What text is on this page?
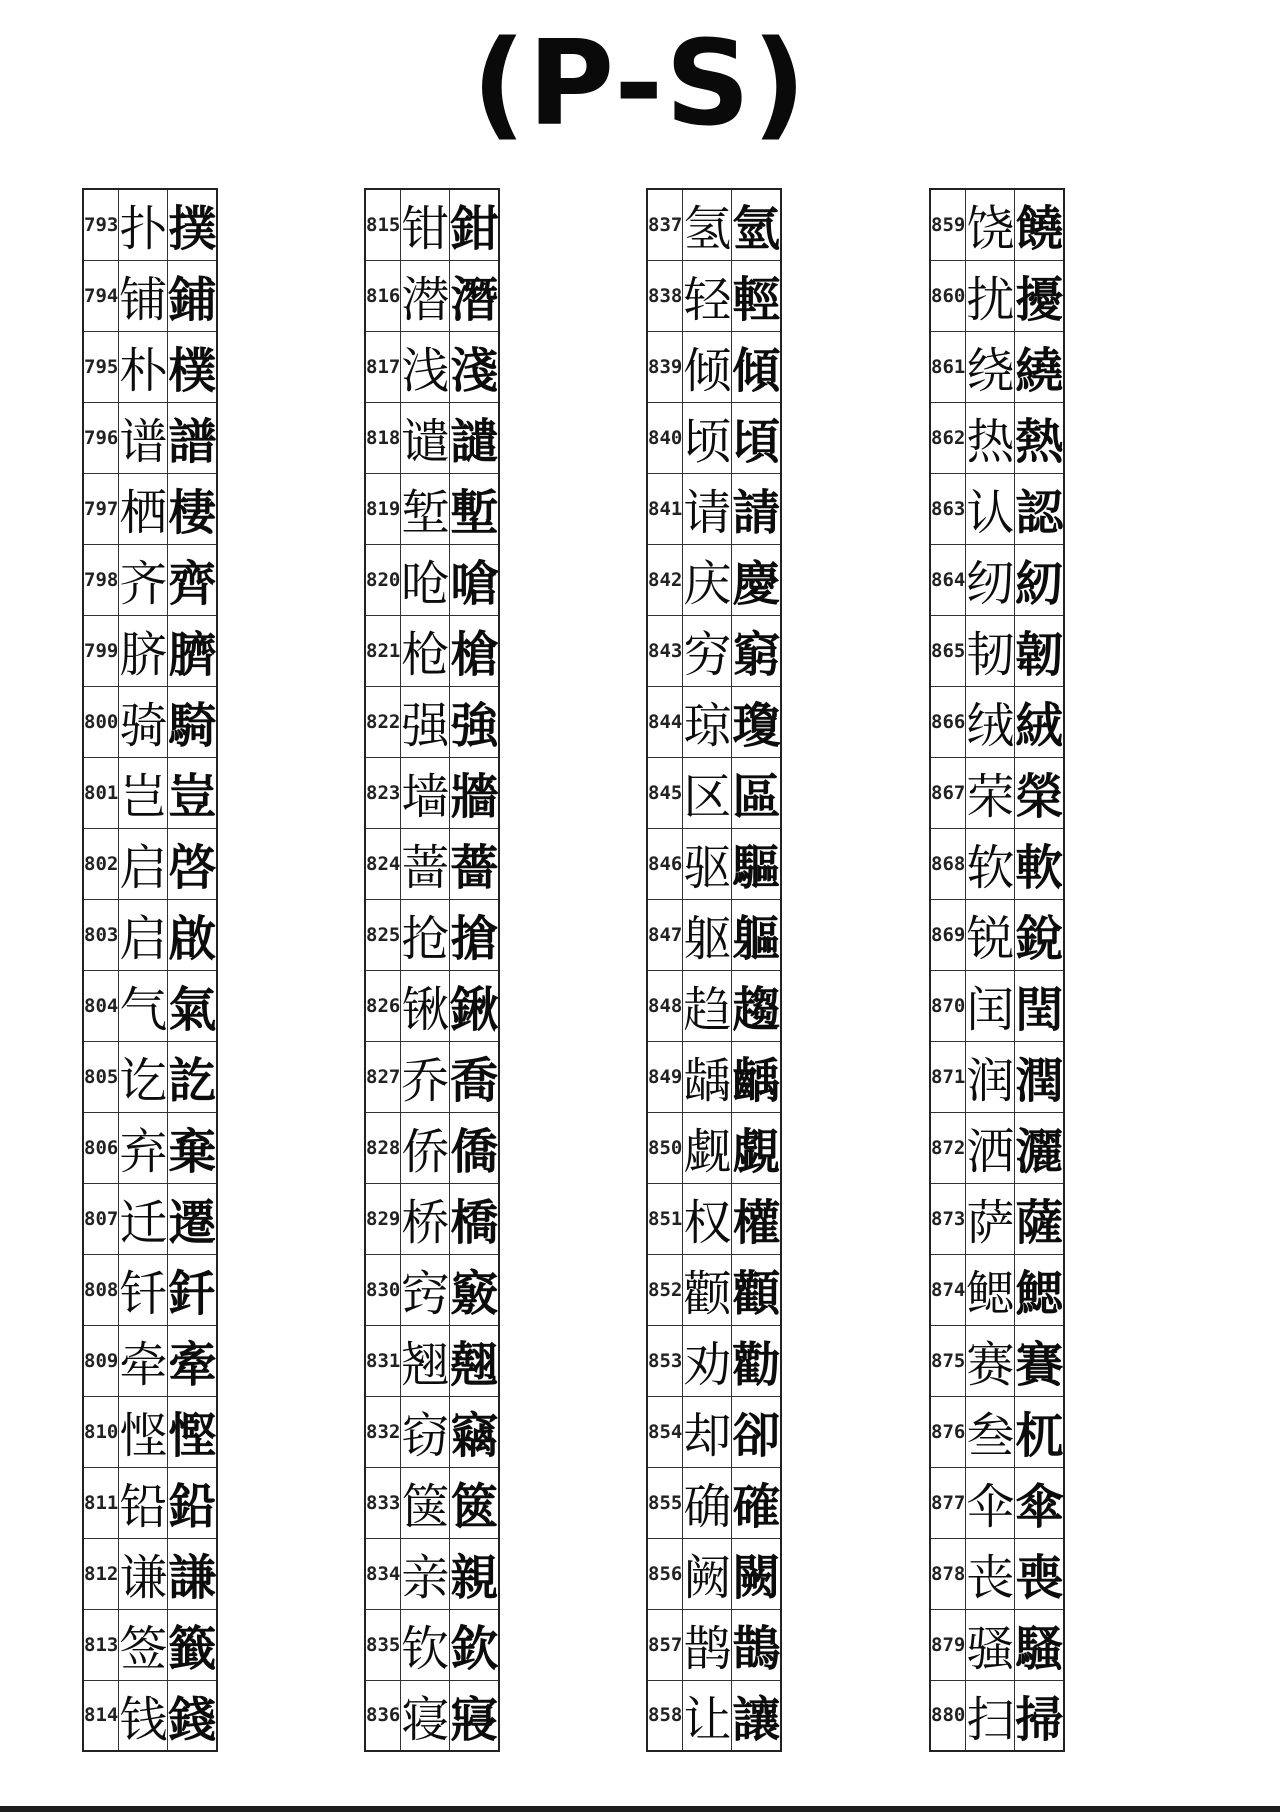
(P-S)
793	扑	撲
794	铺	鋪
795	朴	樸
796	谱	譜
797	栖	棲
798	齐	齊
799	脐	臍
800	骑	騎
801	岂	豈
802	启	啓
803	启	啟
804	气	氣
805	讫	訖
806	弃	棄
807	迁	遷
808	钎	釺
809	牵	牽
810	悭	慳
811	铅	鉛
812	谦	謙
813	签	籤
814	钱	錢
815	钳	鉗
816	潜	潛
817	浅	淺
818	谴	譴
819	堑	塹
820	呛	嗆
821	枪	槍
822	强	強
823	墙	牆
824	蔷	薔
825	抢	搶
826	锹	鍬
827	乔	喬
828	侨	僑
829	桥	橋
830	窍	竅
831	翘	翹
832	窃	竊
833	箧	篋
834	亲	親
835	钦	欽
836	寝	寢
837	氢	氫
838	轻	輕
839	倾	傾
840	顷	頃
841	请	請
842	庆	慶
843	穷	窮
844	琼	瓊
845	区	區
846	驱	驅
847	躯	軀
848	趋	趨
849	龋	齲
850	觑	覷
851	权	權
852	颧	顴
853	劝	勸
854	却	卻
855	确	確
856	阙	闕
857	鹊	鵲
858	让	讓
859	饶	饒
860	扰	擾
861	绕	繞
862	热	熱
863	认	認
864	纫	紉
865	韧	韌
866	绒	絨
867	荣	榮
868	软	軟
869	锐	銳
870	闰	閏
871	润	潤
872	洒	灑
873	萨	薩
874	鳃	鰓
875	赛	賽
876	叁	杌
877	伞	傘
878	丧	喪
879	骚	騷
880	扫	掃
